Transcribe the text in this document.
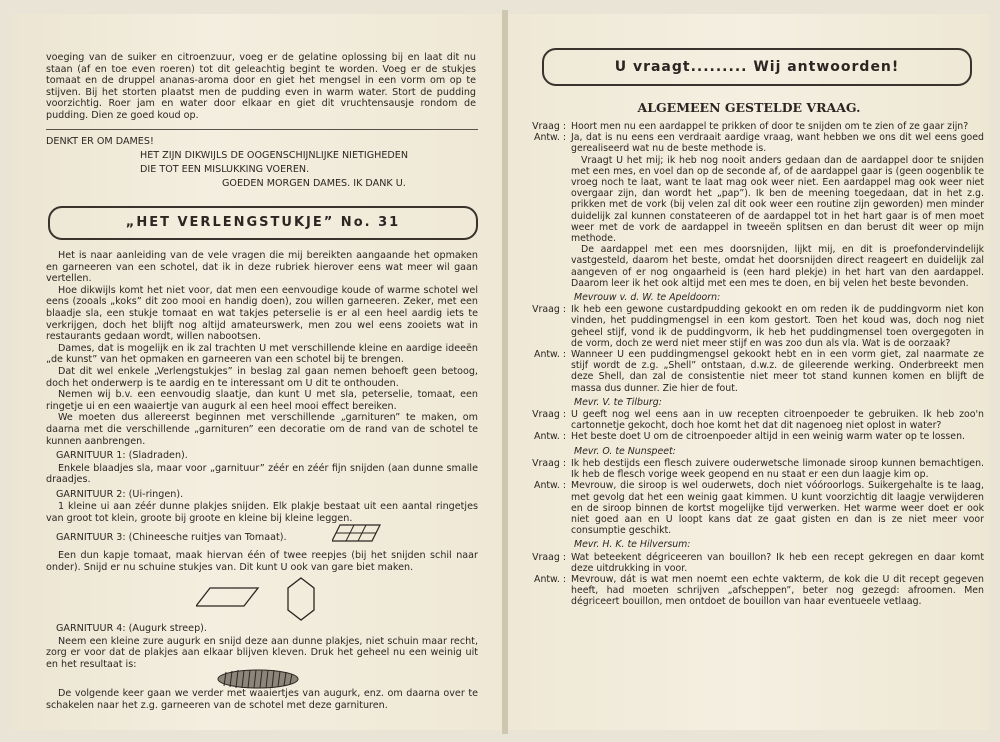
voeging van de suiker en citroenzuur, voeg er de gelatine oplossing bij en laat dit nu staan (af en toe even roeren) tot dit geleachtig begint te worden. Voeg er de stukjes tomaat en de druppel ananas-aroma door en giet het mengsel in een vorm om op te stijven. Bij het storten plaatst men de pudding even in warm water. Stort de pudding voorzichtig. Roer jam en water door elkaar en giet dit vruchtensausje rondom de pudding. Dien ze goed koud op.

DENKT ER OM DAMES!
HET ZIJN DIKWIJLS DE OOGENSCHIJNLIJKE NIETIGHEDEN
DIE TOT EEN MISLUKKING VOEREN.
GOEDEN MORGEN DAMES. IK DANK U.
„HET VERLENGSTUKJE” No. 31

Het is naar aanleiding van de vele vragen die mij bereikten aangaande het opmaken en garneeren van een schotel, dat ik in deze rubriek hierover eens wat meer wil gaan vertellen.

Hoe dikwijls komt het niet voor, dat men een eenvoudige koude of warme schotel wel eens (zooals „koks” dit zoo mooi en handig doen), zou willen garneeren. Zeker, met een blaadje sla, een stukje tomaat en wat takjes peterselie is er al een heel aardig iets te verkrijgen, doch het blijft nog altijd amateurswerk, men zou wel eens zooiets wat in restaurants gedaan wordt, willen nabootsen.

Dames, dat is mogelijk en ik zal trachten U met verschillende kleine en aardige ideeën „de kunst” van het opmaken en garneeren van een schotel bij te brengen.

Dat dit wel enkele „Verlengstukjes” in beslag zal gaan nemen behoeft geen betoog, doch het onderwerp is te aardig en te interessant om U dit te onthouden.

Nemen wij b.v. een eenvoudig slaatje, dan kunt U met sla, peterselie, tomaat, een ringetje ui en een waaiertje van augurk al een heel mooi effect bereiken.

We moeten dus allereerst beginnen met verschillende „garnituren” te maken, om daarna met die verschillende „garnituren” een decoratie om de rand van de schotel te kunnen aanbrengen.

GARNITUUR 1: (Sladraden).

Enkele blaadjes sla, maar voor „garnituur” zéér en zéér fijn snijden (aan dunne smalle draadjes.

GARNITUUR 2: (Ui-ringen).

1 kleine ui aan zéér dunne plakjes snijden. Elk plakje bestaat uit een aantal ringetjes van groot tot klein, groote bij groote en kleine bij kleine leggen.

GARNITUUR 3: (Chineesche ruitjes van Tomaat).

Een dun kapje tomaat, maak hiervan één of twee reepjes (bij het snijden schil naar onder). Snijd er nu schuine stukjes van. Dit kunt U ook van gare biet maken.

GARNITUUR 4: (Augurk streep).

Neem een kleine zure augurk en snijd deze aan dunne plakjes, niet schuin maar recht, zorg er voor dat de plakjes aan elkaar blijven kleven. Druk het geheel nu een weinig uit en het resultaat is:

De volgende keer gaan we verder met waaiertjes van augurk, enz. om daarna over te schakelen naar het z.g. garneeren van de schotel met deze garnituren.

U vraagt......... Wij antwoorden!
ALGEMEEN GESTELDE VRAAG.
Vraag : Hoort men nu een aardappel te prikken of door te snijden om te zien of ze gaar zijn?
Antw. : Ja, dat is nu eens een verdraait aardige vraag, want hebben we ons dit wel eens goed gerealiseerd wat nu de beste methode is.
Vraagt U het mij; ik heb nog nooit anders gedaan dan de aardappel door te snijden met een mes, en voel dan op de seconde af, of de aardappel gaar is (geen oogenblik te vroeg noch te laat, want te laat mag ook weer niet. Een aardappel mag ook weer niet overgaar zijn, dan wordt het „pap”). Ik ben de meening toegedaan, dat in het z.g. prikken met de vork (bij velen zal dit ook weer een routine zijn geworden) men minder duidelijk zal kunnen constateeren of de aardappel tot in het hart gaar is of men moet weer met de vork de aardappel in tweeën splitsen en dan berust dit weer op mijn methode.
De aardappel met een mes doorsnijden, lijkt mij, en dit is proefondervindelijk vastgesteld, daarom het beste, omdat het doorsnijden direct reageert en duidelijk zal aangeven of er nog ongaarheid is (een hard plekje) in het hart van den aardappel. Daarom leer ik het ook altijd met een mes te doen, en bij velen het beste bevonden.
Mevrouw v. d. W. te Apeldoorn:
Vraag : Ik heb een gewone custardpudding gekookt en om reden ik de puddingvorm niet kon vinden, het puddingmengsel in een kom gestort. Toen het koud was, doch nog niet geheel stijf, vond ik de puddingvorm, ik heb het puddingmensel toen overgegoten in de vorm, doch ze werd niet meer stijf en was zoo dun als vla. Wat is de oorzaak?
Antw. : Wanneer U een puddingmengsel gekookt hebt en in een vorm giet, zal naarmate ze stijf wordt de z.g. „Shell” ontstaan, d.w.z. de gileerende werking. Onderbreekt men deze Shell, dan zal de consistentie niet meer tot stand kunnen komen en blijft de massa dus dunner. Zie hier de fout.
Mevr. V. te Tilburg:
Vraag : U geeft nog wel eens aan in uw recepten citroenpoeder te gebruiken. Ik heb zoo'n cartonnetje gekocht, doch hoe komt het dat dit nagenoeg niet oplost in water?
Antw. : Het beste doet U om de citroenpoeder altijd in een weinig warm water op te lossen.
Mevr. O. te Nunspeet:
Vraag : Ik heb destijds een flesch zuivere ouderwetsche limonade siroop kunnen bemachtigen. Ik heb de flesch vorige week geopend en nu staat er een dun laagje kim op.
Antw. : Mevrouw, die siroop is wel ouderwets, doch niet vóóroorlogs. Suikergehalte is te laag, met gevolg dat het een weinig gaat kimmen. U kunt voorzichtig dit laagje verwijderen en de siroop binnen de kortst mogelijke tijd verwerken. Het warme weer doet er ook niet goed aan en U loopt kans dat ze gaat gisten en dan is ze niet meer voor consumptie geschikt.
Mevr. H. K. te Hilversum:
Vraag : Wat beteekent dégriceeren van bouillon? Ik heb een recept gekregen en daar komt deze uitdrukking in voor.
Antw. : Mevrouw, dát is wat men noemt een echte vakterm, de kok die U dit recept gegeven heeft, had moeten schrijven „afscheppen”, beter nog gezegd: afroomen. Men dégriceert bouillon, men ontdoet de bouillon van haar eventueele vetlaag.
